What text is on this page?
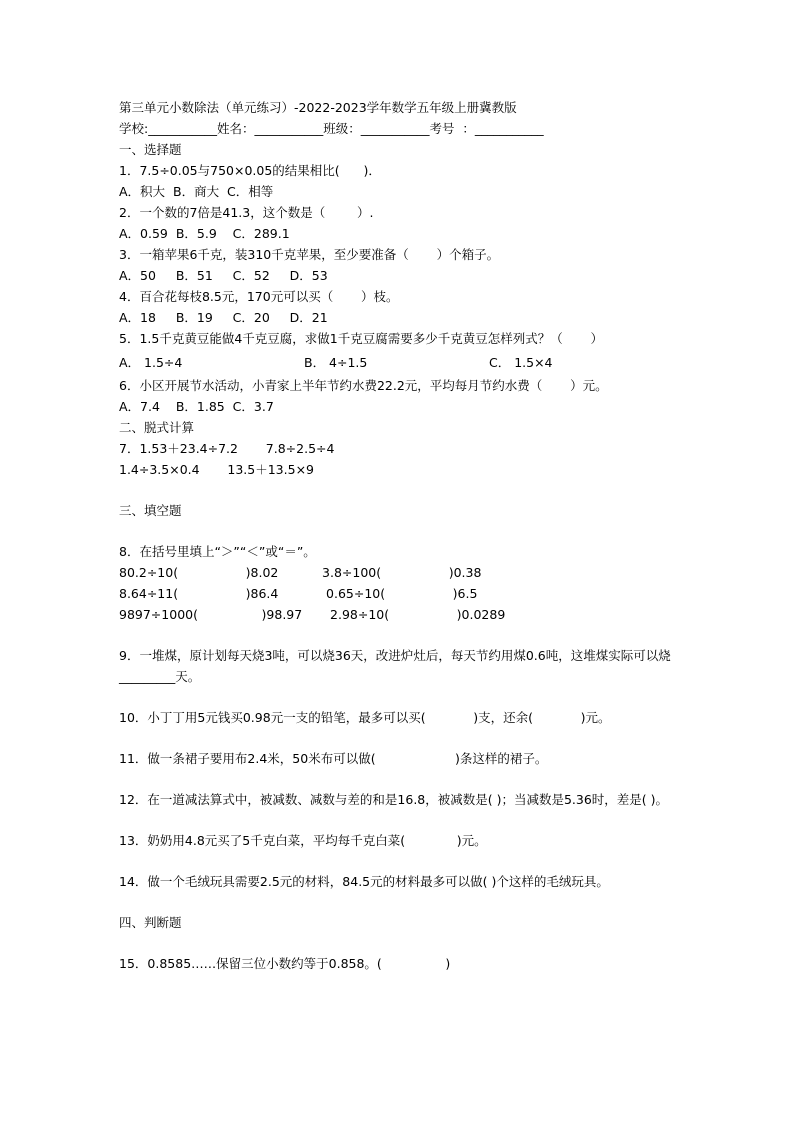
第三单元小数除法（单元练习）-2022-2023学年数学五年级上册冀教版
学校:___________姓名：___________班级：___________考号  ：___________
一、选择题
1．7.5÷0.05与750×0.05的结果相比(      )．
A．积大  B．商大  C．相等
2．一个数的7倍是41.3，这个数是（        ）.
A．0.59  B．5.9    C．289.1
3．一箱苹果6千克，装310千克苹果，至少要准备（       ）个箱子。
A．50     B．51     C．52     D．53
4．百合花每枝8.5元，170元可以买（       ）枝。
A．18     B．19     C．20     D．21
5．1.5千克黄豆能做4千克豆腐，求做1千克豆腐需要多少千克黄豆怎样列式？（       ）
A． 1.5÷4	B． 4÷1.5	C． 1.5×4
6．小区开展节水活动，小青家上半年节约水费22.2元，平均每月节约水费（       ）元。
A．7.4    B．1.85  C．3.7
二、脱式计算
7．1.53＋23.4÷7.2       7.8÷2.5÷4
1.4÷3.5×0.4       13.5＋13.5×9
三、填空题
8．在括号里填上“＞”“＜”或“＝”。
80.2÷10(                 )8.02           3.8÷100(                 )0.38
8.64÷11(                 )86.4            0.65÷10(                 )6.5
9897÷1000(                )98.97       2.98÷10(                 )0.0289
9．一堆煤，原计划每天烧3吨，可以烧36天，改进炉灶后，每天节约用煤0.6吨，这堆煤实际可以烧_________天。
10．小丁丁用5元钱买0.98元一支的铅笔，最多可以买(            )支，还余(            )元。
11．做一条裙子要用布2.4米，50米布可以做(                    )条这样的裙子。
12．在一道减法算式中，被减数、减数与差的和是16.8，被减数是( )；当减数是5.36时，差是( )。
13．奶奶用4.8元买了5千克白菜，平均每千克白菜(             )元。
14．做一个毛绒玩具需要2.5元的材料，84.5元的材料最多可以做( )个这样的毛绒玩具。
四、判断题
15．0.8585……保留三位小数约等于0.858。(                )
